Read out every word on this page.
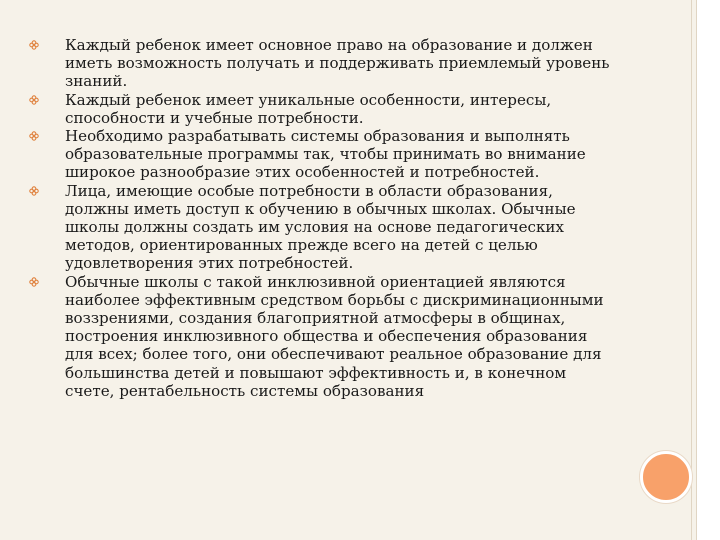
Каждый ребенок имеет основное право на образование и должен иметь возможность получать и поддерживать приемлемый уровень знаний.
Каждый ребенок имеет уникальные особенности, интересы, способности и учебные потребности.
Необходимо разрабатывать системы образования и выполнять образовательные программы так, чтобы принимать во внимание широкое разнообразие этих особенностей и потребностей.
Лица, имеющие особые потребности в области образования, должны иметь доступ к обучению в обычных школах. Обычные школы должны создать им условия на основе педагогических методов, ориентированных прежде всего на детей с целью удовлетворения этих потребностей.
Обычные школы с такой инклюзивной ориентацией являются наиболее эффективным средством борьбы с дискриминационными воззрениями, создания благоприятной атмосферы в общинах, построения инклюзивного общества и обеспечения образования для всех; более того, они обеспечивают реальное образование для большинства детей и повышают эффективность и, в конечном счете, рентабельность системы образования
